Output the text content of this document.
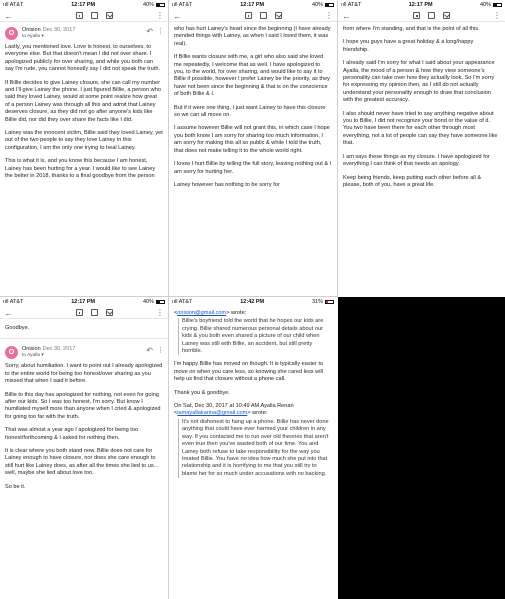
ııll AT&T	12:17 PM	40%
←	⋮
O	Onision Dec 30, 2017
to Ayalla ▾
↶ ⋮

Lastly, you mentioned love. Love is honest, to ourselves, to everyone else. But that doesn't mean I did not over share. I apologized publicly for over sharing, and while you both can say I'm rude, you cannot honestly say I did not speak the truth.

If Billie decides to give Lainey closure, she can call my number and I'll give Lainey the phone. I just figured Billie, a person who said they loved Lainey, would at some point realize how great of a person Lainey was through all this and admit that Lainey deserves closure, as they did not go after anyone's kids like Billie did, nor did they over share the facts like I did.

Lainey was the innocent victim, Billie said they loved Lainey, yet out of the two people to say they love Lainey in this configuration, I am the only one trying to heal Lainey.

This is what it is, and you know this because I am honest, Lainey has been hurting for a year. I would like to see Lainey the better in 2018, thanks to a final goodbye from the person

ııll AT&T	12:17 PM	40%
←	⋮

who has hurt Lainey's heart since the beginning (I have already mended things with Lainey, as when I said I loved them, it was real).

If Billie wants closure with me, a girl who also said she loved me repeatedly, I welcome that as well. I have apologized to you, to the world, for over sharing, and would like to say it to Billie if possible, however I prefer Lainey be the priority, as they have not been since the beginning & that is on the conscience of both Billie & I.

But if it were one thing, I just want Lainey to have this closure so we can all move on.

I assume however Billie will not grant this, in which case I hope you both know I am sorry for sharing too much information, I am sorry for making this all so public & while I told the truth, that does not make telling it to the whole world right.

I know I hurt Billie by telling the full story, leaving nothing out & I am sorry for hurting her.

Lainey however has nothing to be sorry for

ııll AT&T	12:17 PM	40%
←	⋮

from where I'm standing, and that is the point of all this.

I hope you guys have a great holiday & a long/happy friendship.

I already said I'm sorry for what I said about your appearance Ayalla, the mood of a person & how they view someone's personality can take over how they actually look. So I'm sorry for expressing my opinion then, as I still do not actually understand your personality enough to draw that conclusion with the greatest accuracy.

I also should never have tried to say anything negative about you to Billie, I did not recognize your bond or the value of it. You two have been there for each other through most everything, not a lot of people can say they have someone like that.

I am says these things as my closure. I have apologized for everything I can think of that needs an apology.

Keep being friends, keep putting each other before all & please, both of you, have a great life.

ııll AT&T	12:17 PM	40%
←	⋮

Goodbye.

O	Onision Dec 30, 2017
to Ayalla ▾
↶ ⋮

Sorry, about humiliation. I want to point out I already apologized to the entire world for being too honest/over sharing as you missed that when I said it before.

Billie to this day has apologized for nothing, not even for going after our kids. So I was too honest, I'm sorry. But know I humiliated myself more than anyone when I cried & apologized for going too far with the truth.

That was almost a year ago I apologized for being too honest/forthcoming & I asked for nothing then.

It is clear where you both stand now. Billie does not care for Lainey enough to have closure, nor does she care enough to still hurt like Lainey does, as after all the times she lied to us... well, maybe she lied about love too.

So be it.

ııll AT&T	12:42 PM	31%

<onision@gmail.com> wrote:

Billie's boyfriend told the world that he hopes our kids are crying. Billie shared numerous personal details about our kids & you both even shared a picture of our child when Lainey was still with Billie, an accident, but still pretty horrible.

I'm happy Billie has moved on though. It is typically easier to move on when you care less, so knowing she cared less will help us find that closure without a phone call.

Thank you & goodbye.

On Sat, Dec 30, 2017 at 10:49 AM Ayalla Renan <iamayallakarina@gmail.com> wrote:

It's not dishonest to hang up a phone. Billie has never done anything that could have ever harmed your children in any way. If you contacted me to run over old theories that aren't even true then you've wasted both of our time. You and Lainey both refuse to take responsibility for the way you treated Billie. You have no idea how much she put into that relationship and it is horrifying to me that you still try to blame her for so much under accusations with no backing.
